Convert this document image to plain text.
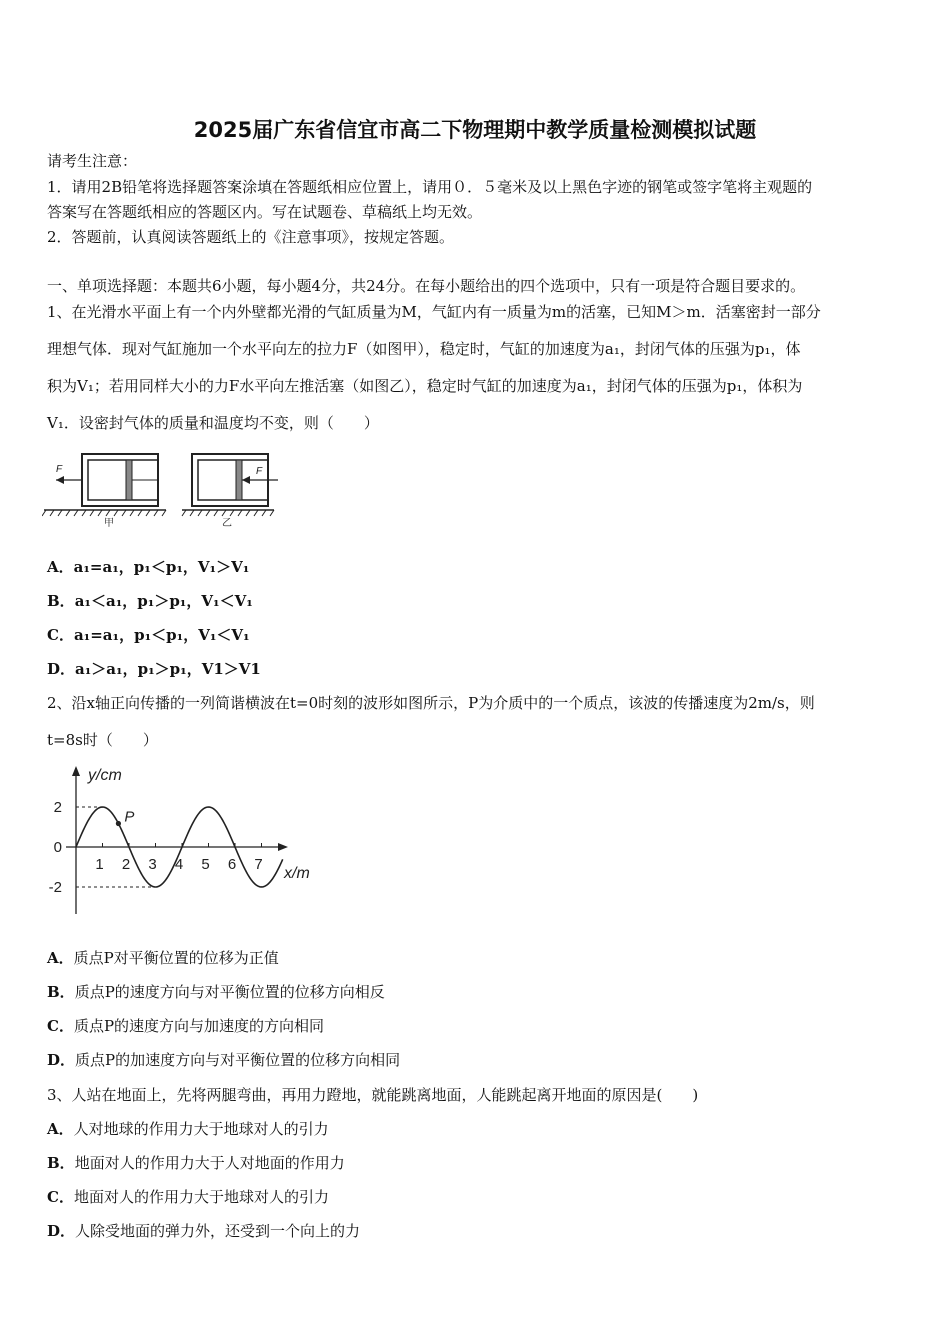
2025届广东省信宜市高二下物理期中教学质量检测模拟试题
请考生注意：
1．请用2B铅笔将选择题答案涂填在答题纸相应位置上，请用０．５毫米及以上黑色字迹的钢笔或签字笔将主观题的
答案写在答题纸相应的答题区内。写在试题卷、草稿纸上均无效。
2．答题前，认真阅读答题纸上的《注意事项》，按规定答题。
一、单项选择题：本题共6小题，每小题4分，共24分。在每小题给出的四个选项中，只有一项是符合题目要求的。
1、在光滑水平面上有一个内外壁都光滑的气缸质量为M，气缸内有一质量为m的活塞，已知M＞m．活塞密封一部分
理想气体．现对气缸施加一个水平向左的拉力F（如图甲），稳定时，气缸的加速度为a₁，封闭气体的压强为p₁，体
积为V₁；若用同样大小的力F水平向左推活塞（如图乙），稳定时气缸的加速度为a₁，封闭气体的压强为p₁，体积为
V₁．设密封气体的质量和温度均不变，则（　　）
F
甲
F
乙
A．a₁=a₁，p₁＜p₁，V₁＞V₁
B．a₁＜a₁，p₁＞p₁，V₁＜V₁
C．a₁=a₁，p₁＜p₁，V₁＜V₁
D．a₁＞a₁，p₁＞p₁，V1＞V1
2、沿x轴正向传播的一列简谐横波在t=0时刻的波形如图所示，P为介质中的一个质点，该波的传播速度为2m/s，则
t=8s时（　　）
y/cm
x/m
2
0
-2
1 2 3 4 5 6 7
P
A．质点P对平衡位置的位移为正值
B．质点P的速度方向与对平衡位置的位移方向相反
C．质点P的速度方向与加速度的方向相同
D．质点P的加速度方向与对平衡位置的位移方向相同
3、人站在地面上，先将两腿弯曲，再用力蹬地，就能跳离地面，人能跳起离开地面的原因是(　　)
A．人对地球的作用力大于地球对人的引力
B．地面对人的作用力大于人对地面的作用力
C．地面对人的作用力大于地球对人的引力
D．人除受地面的弹力外，还受到一个向上的力
